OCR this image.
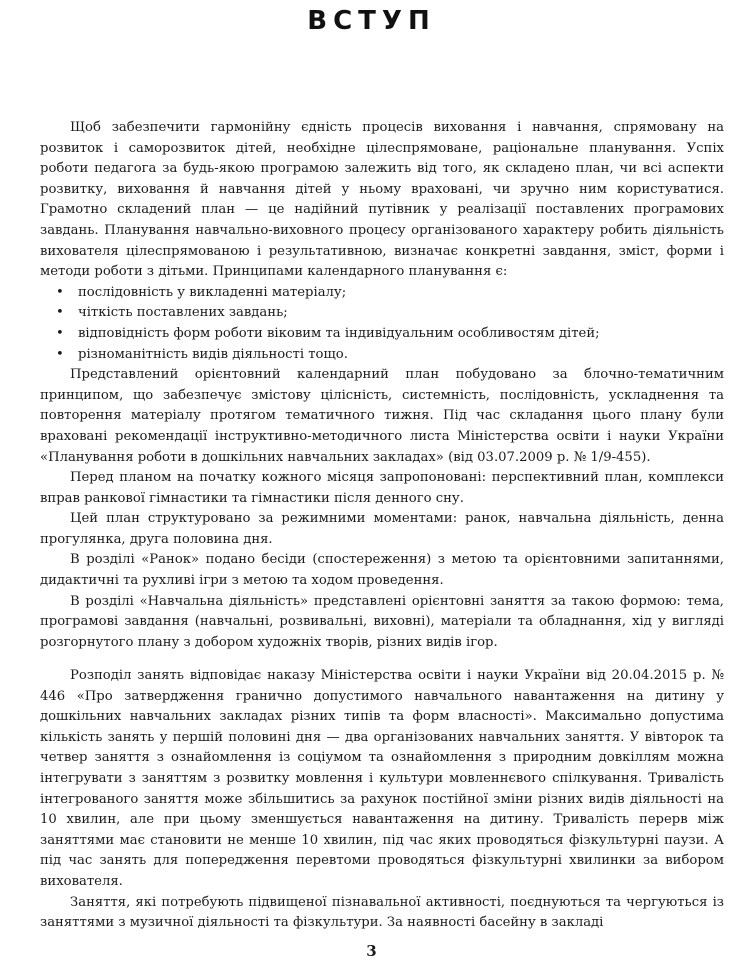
ВСТУП

Щоб забезпечити гармонійну єдність процесів виховання і навчання, спрямовану на розвиток і саморозвиток дітей, необхідне цілеспрямоване, раціональне планування. Успіх роботи педагога за будь-якою програмою залежить від того, як складено план, чи всі аспекти розвитку, виховання й навчання дітей у ньому враховані, чи зручно ним користуватися. Грамотно складений план — це надійний путівник у реалізації поставлених програмових завдань. Планування навчально-виховного процесу організованого характеру робить діяльність вихователя цілеспрямованою і результативною, визначає конкретні завдання, зміст, форми і методи роботи з дітьми. Принципами календарного планування є:

• послідовність у викладенні матеріалу;
• чіткість поставлених завдань;
• відповідність форм роботи віковим та індивідуальним особливостям дітей;
• різноманітність видів діяльності тощо.

Представлений орієнтовний календарний план побудовано за блочно-тематичним принципом, що забезпечує змістову цілісність, системність, послідовність, ускладнення та повторення матеріалу протягом тематичного тижня. Під час складання цього плану були враховані рекомендації інструктивно-методичного листа Міністерства освіти і науки України «Планування роботи в дошкільних навчальних закладах» (від 03.07.2009 р. № 1/9-455).

Перед планом на початку кожного місяця запропоновані: перспективний план, комплекси вправ ранкової гімнастики та гімнастики після денного сну.

Цей план структуровано за режимними моментами: ранок, навчальна діяльність, денна прогулянка, друга половина дня.

В розділі «Ранок» подано бесіди (спостереження) з метою та орієнтовними запитаннями, дидактичні та рухливі ігри з метою та ходом проведення.

В розділі «Навчальна діяльність» представлені орієнтовні заняття за такою формою: тема, програмові завдання (навчальні, розвивальні, виховні), матеріали та обладнання, хід у вигляді розгорнутого плану з добором художніх творів, різних видів ігор.

Розподіл занять відповідає наказу Міністерства освіти і науки України від 20.04.2015 р. № 446 «Про затвердження гранично допустимого навчального навантаження на дитину у дошкільних навчальних закладах різних типів та форм власності». Максимально допустима кількість занять у першій половині дня — два організованих навчальних заняття. У вівторок та четвер заняття з ознайомлення із соціумом та ознайомлення з природним довкіллям можна інтегрувати з заняттям з розвитку мовлення і культури мовленнєвого спілкування. Тривалість інтегрованого заняття може збільшитись за рахунок постійної зміни різних видів діяльності на 10 хвилин, але при цьому зменшується навантаження на дитину. Тривалість перерв між заняттями має становити не менше 10 хвилин, під час яких проводяться фізкультурні паузи. А під час занять для попередження перевтоми проводяться фізкультурні хвилинки за вибором вихователя.

Заняття, які потребують підвищеної пізнавальної активності, поєднуються та чергуються із заняттями з музичної діяльності та фізкультури. За наявності басейну в закладі

3
